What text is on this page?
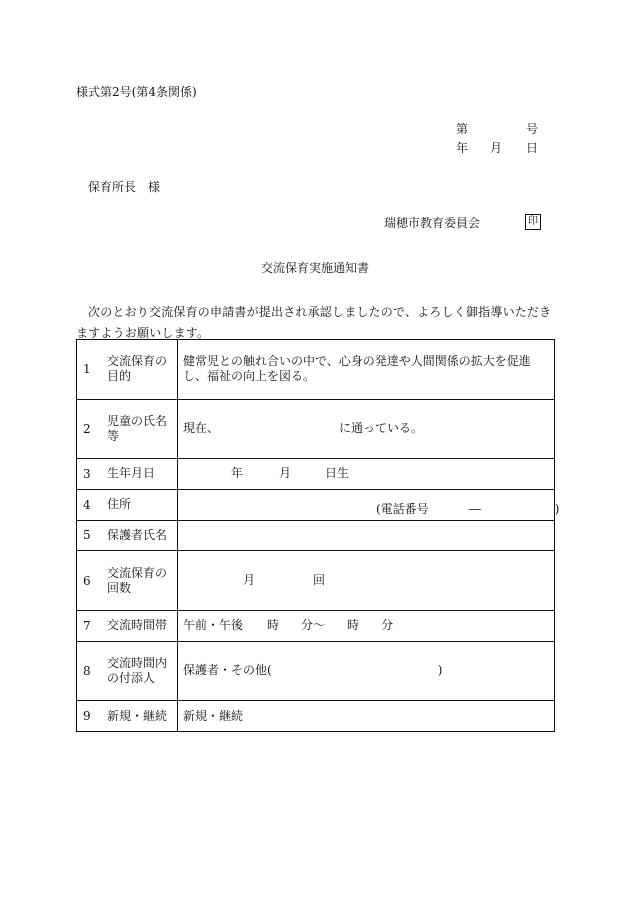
様式第2号(第4条関係)
第	号
年 月 日
保育所長　様
瑞穂市教育委員会	印
交流保育実施通知書
次のとおり交流保育の申請書が提出され承認しましたので、よろしく御指導いただきますようお願いします。
1	交流保育の目的	健常児との触れ合いの中で、心身の発達や人間関係の拡大を促進し、福祉の向上を図る。
2	児童の氏名等	現在、 に通っている。
3	生年月日	年 月 日生
4	住所	(電話番号 ― )

5	保護者氏名	
6	交流保育の回数	月 回
7	交流時間帯	午前・午後 時 分〜 時 分
8	交流時間内の付添人	保護者・その他( )
9	新規・継続	新規・継続
